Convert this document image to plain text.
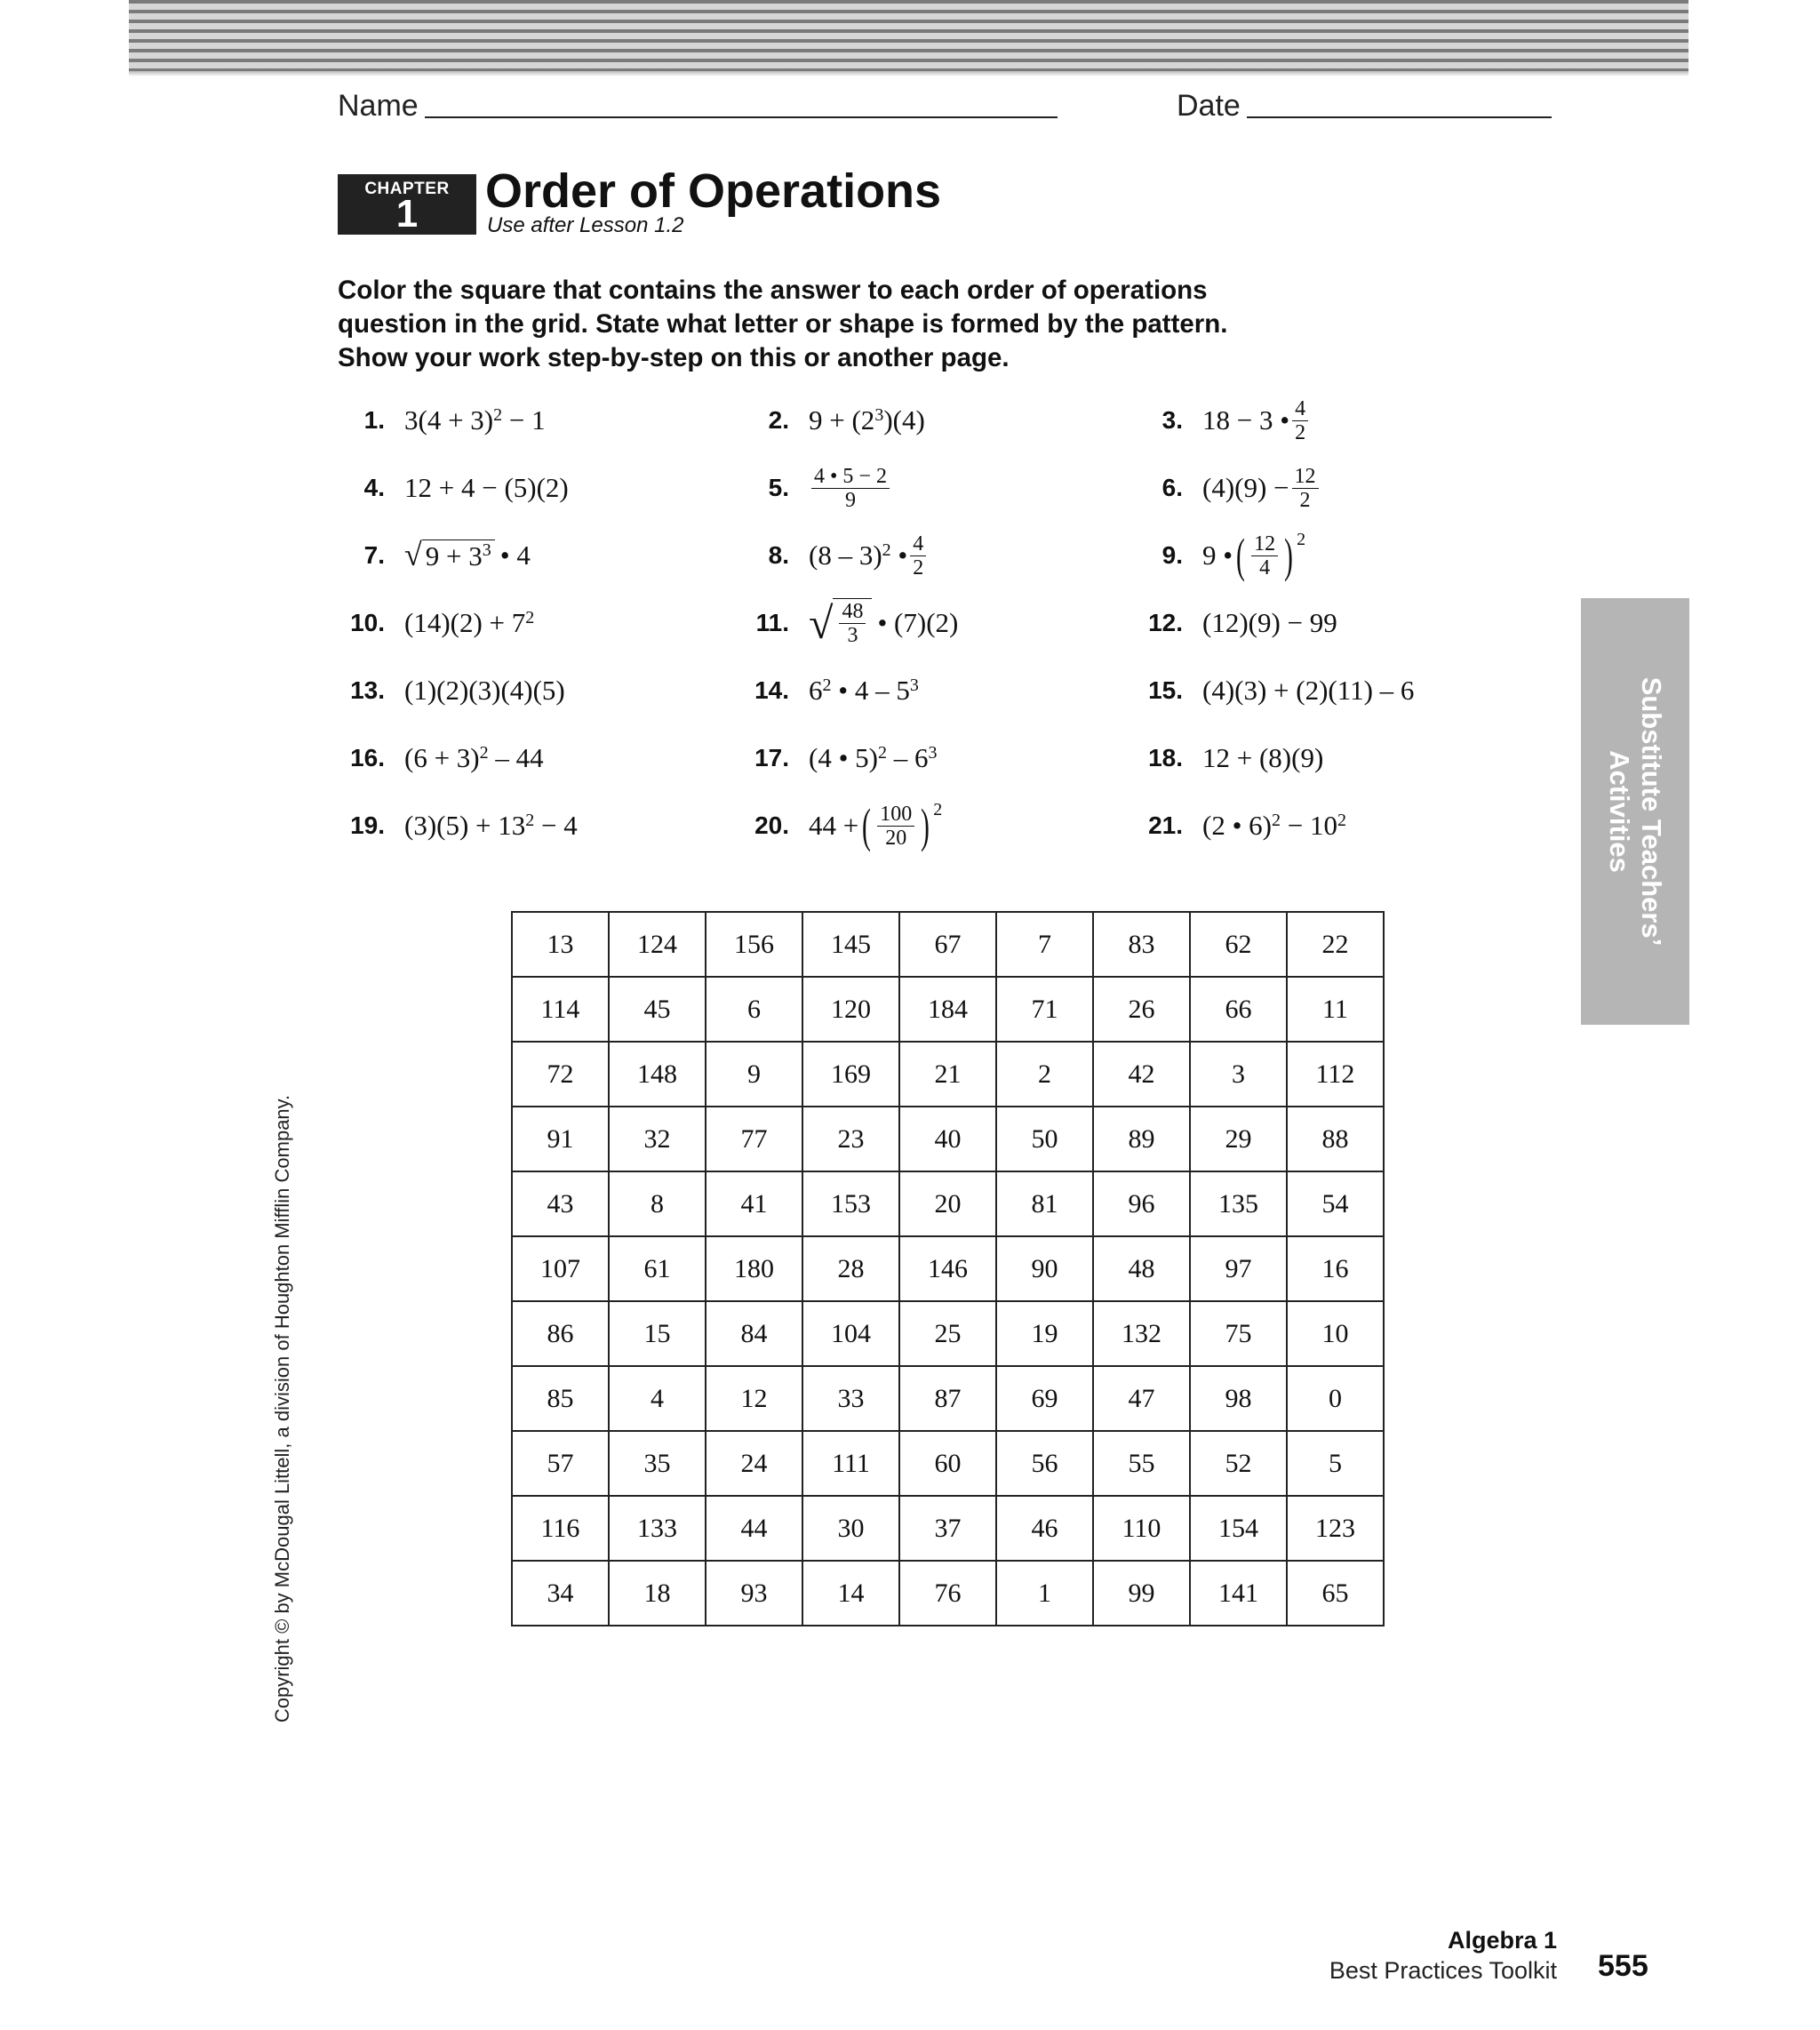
Name	Date
CHAPTER
1	Order of Operations
Use after Lesson 1.2
Color the square that contains the answer to each order of operations
question in the grid. State what letter or shape is formed by the pattern.
Show your work step-by-step on this or another page.
1. $3(4 + 3)^2 - 1$	2. $9 + (2^3$ )(4)	3. 18 − 3 • $\frac{4}{2}$
4. 12 + 4 − (5)(2)	5. $\frac{4 • 5 - 2}{9}$	6. $(4)(9) - \frac{12}{2}$
7. √ $9 + 3^3$ • 4	8. (8 – 3)$^2$ • $\frac{4}{2}$	9. 9 • ( $\frac{12}{4} )^2$
10. $(14)(2) + 7^2$	11. √ $\frac{48}{3}$ • (7)(2)	12. (12)(9) − 99
13. (1)(2)(3)(4)(5)	14. $6^2$ • $4 - 5^3$	15. (4)(3) + (2)(11) – 6
16. $(6 + 3)^2 - 44$	17. (4 • $5)^2 - 6^3$	18. 12 + (8)(9)
19. $(3)(5) + 13^2 - 4$	20. 44 + ( $\frac{100}{20} )^2$
21. (2 • $6)^2 - 10^2$
13	124	156	145	67	7	83	62	22
114	45	6	120	184	71	26	66	11
72	148	9	169	21	2	42	3	112
91	32	77	23	40	50	89	29	88
43	8	41	153	20	81	96	135	54
107	61	180	28	146	90	48	97	16
86	15	84	104	25	19	132	75	10
85	4	12	33	87	69	47	98	0
57	35	24	111	60	56	55	52	5
116	133	44	30	37	46	110	154	123
34	18	93	14	76	1	99	141	65
Substitute Teachers’
Activities
Copyright © by McDougal Littell, a division of Houghton Mifflin Company.
Algebra 1
Best Practices Toolkit 555
